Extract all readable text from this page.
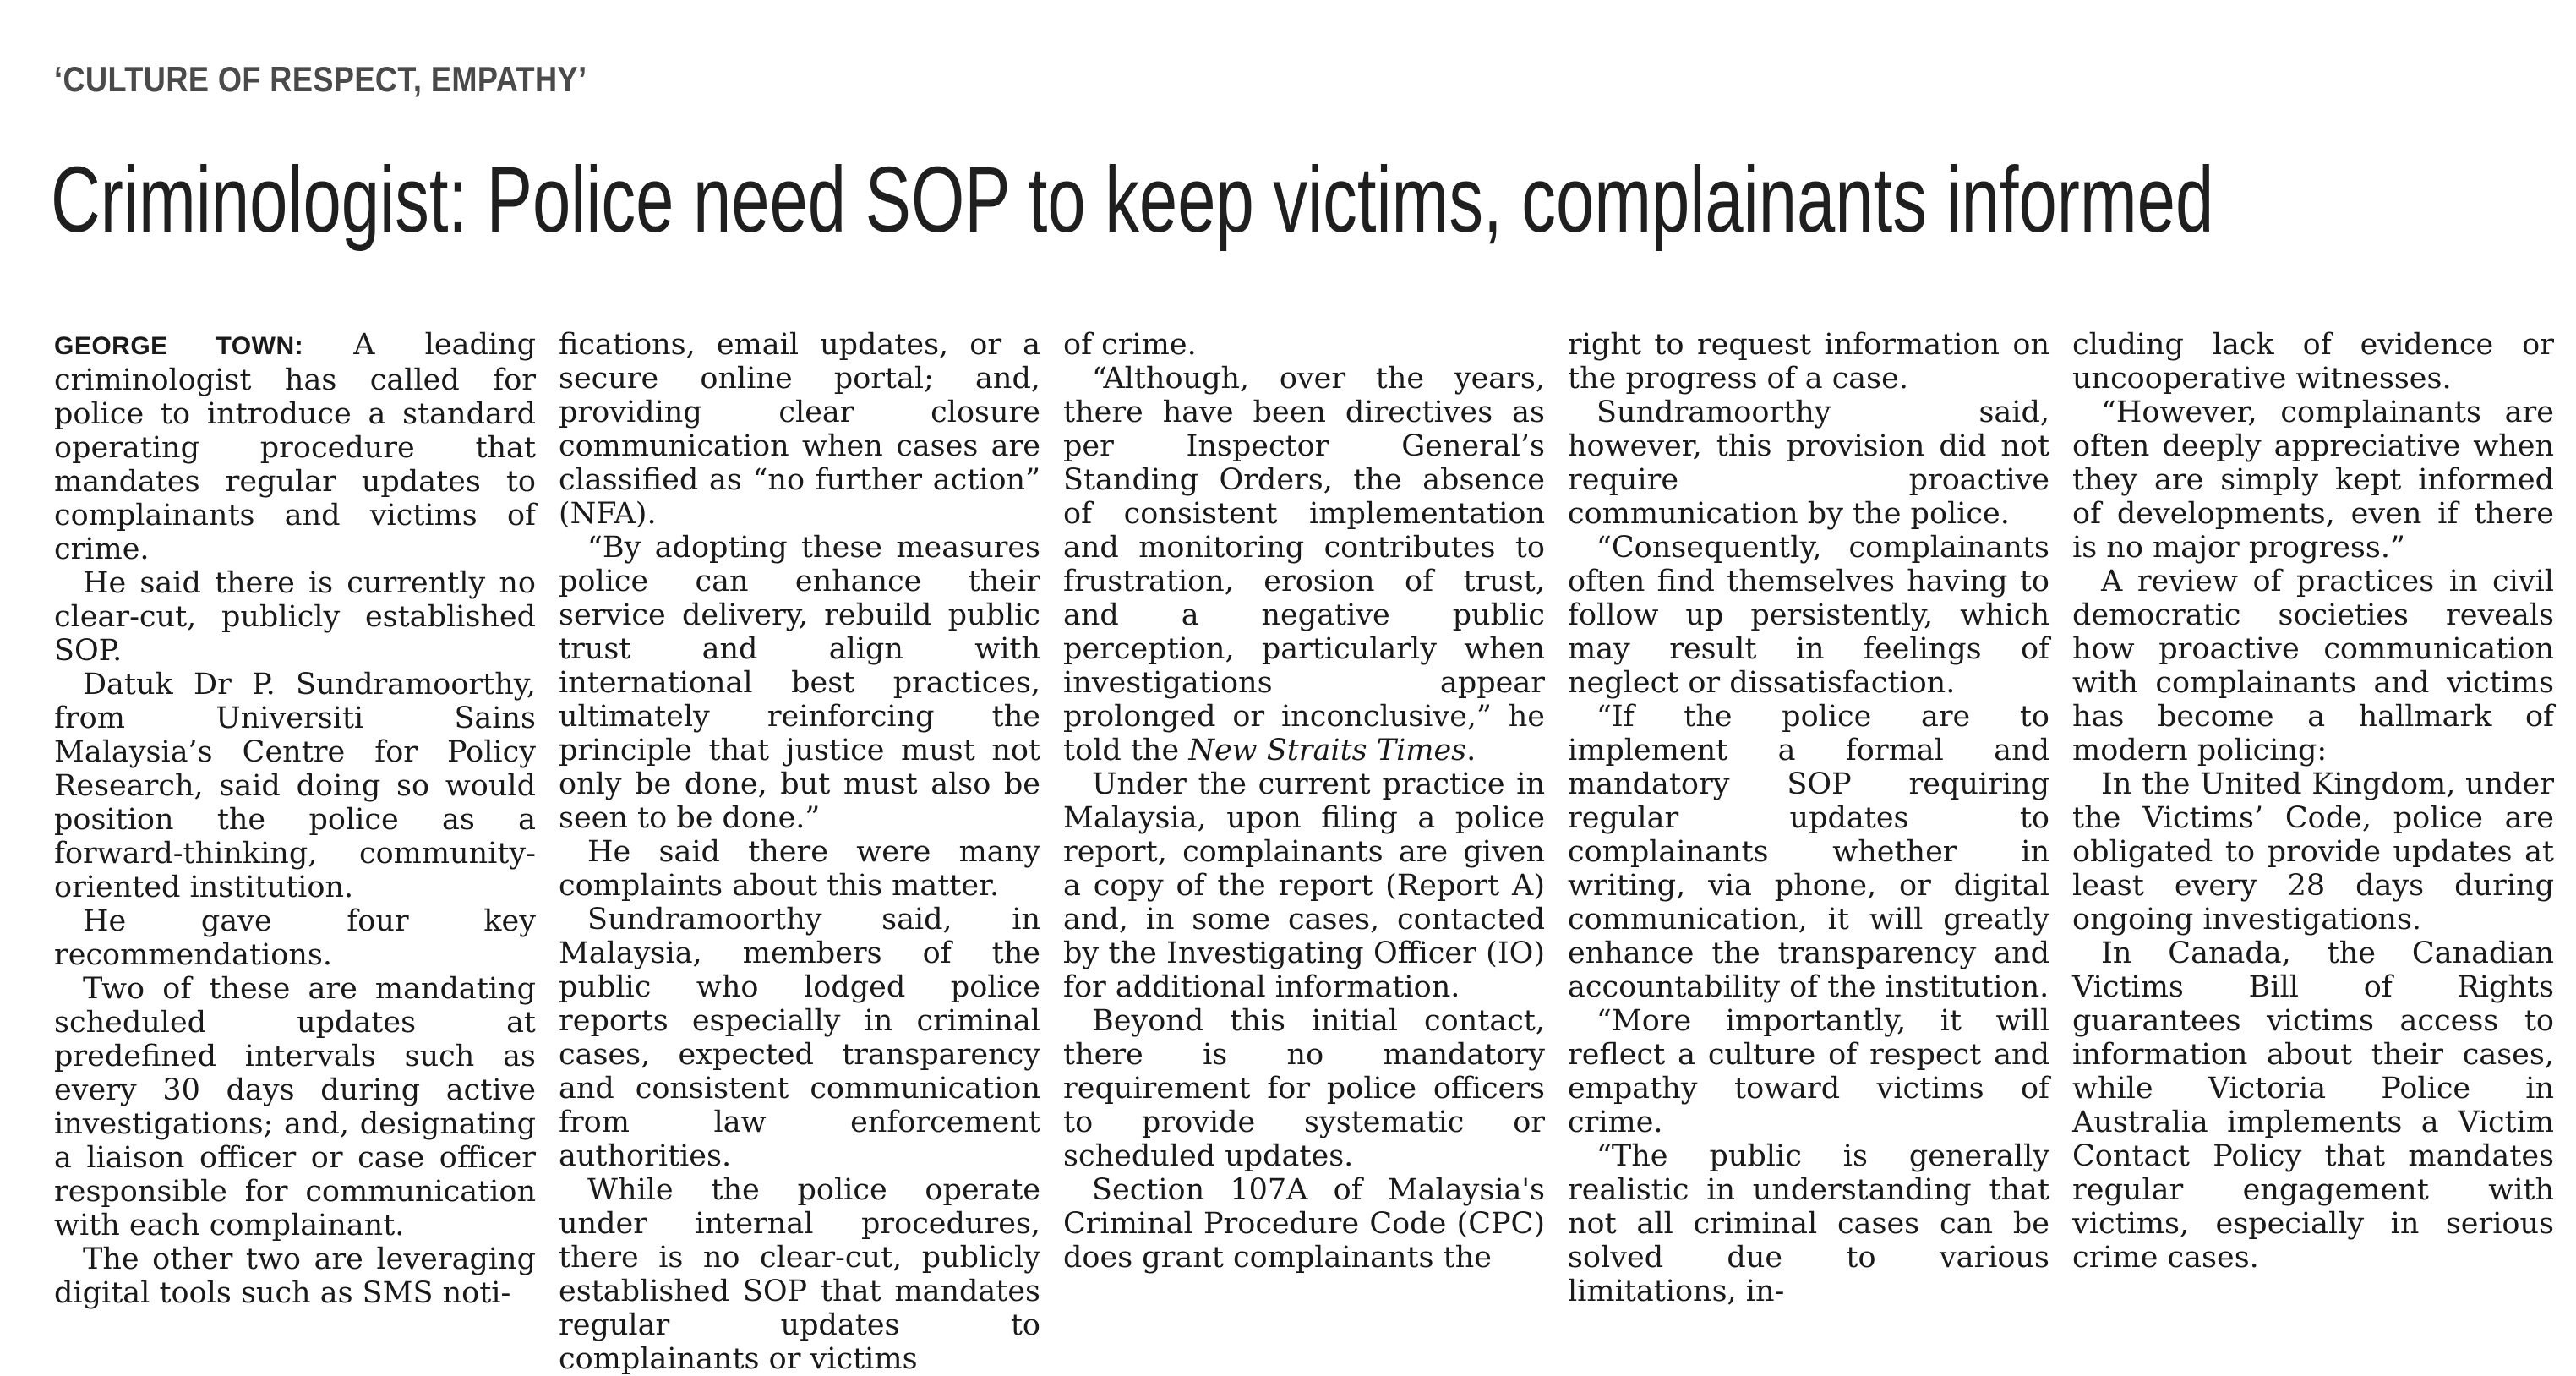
‘CULTURE OF RESPECT, EMPATHY’
Criminologist: Police need SOP to keep victims, complainants informed

GEORGE TOWN: A leading criminologist has called for police to introduce a standard operating procedure that mandates regular updates to complainants and victims of crime.

He said there is currently no clear-cut, publicly established SOP.

Datuk Dr P. Sundramoorthy, from Universiti Sains Malaysia’s Centre for Policy Research, said doing so would position the police as a forward-thinking, community-oriented institution.

He gave four key recommendations.

Two of these are mandating scheduled updates at predefined intervals such as every 30 days during active investigations; and, designating a liaison officer or case officer responsible for communication with each complainant.

The other two are leveraging digital tools such as SMS noti-

fications, email updates, or a secure online portal; and, providing clear closure communication when cases are classified as “no further action” (NFA).

“By adopting these measures police can enhance their service delivery, rebuild public trust and align with international best practices, ultimately reinforcing the principle that justice must not only be done, but must also be seen to be done.”

He said there were many complaints about this matter.

Sundramoorthy said, in Malaysia, members of the public who lodged police reports especially in criminal cases, expected transparency and consistent communication from law enforcement authorities.

While the police operate under internal procedures, there is no clear-cut, publicly established SOP that mandates regular updates to complainants or victims

of crime.

“Although, over the years, there have been directives as per Inspector General’s Standing Orders, the absence of consistent implementation and monitoring contributes to frustration, erosion of trust, and a negative public perception, particularly when investigations appear prolonged or inconclusive,” he told the New Straits Times.

Under the current practice in Malaysia, upon filing a police report, complainants are given a copy of the report (Report A) and, in some cases, contacted by the Investigating Officer (IO) for additional information.

Beyond this initial contact, there is no mandatory requirement for police officers to provide systematic or scheduled updates.

Section 107A of Malaysia's Criminal Procedure Code (CPC) does grant complainants the

right to request information on the progress of a case.

Sundramoorthy said, however, this provision did not require proactive communication by the police.

“Consequently, complainants often find themselves having to follow up persistently, which may result in feelings of neglect or dissatisfaction.

“If the police are to implement a formal and mandatory SOP requiring regular updates to complainants whether in writing, via phone, or digital communication, it will greatly enhance the transparency and accountability of the institution.

“More importantly, it will reflect a culture of respect and empathy toward victims of crime.

“The public is generally realistic in understanding that not all criminal cases can be solved due to various limitations, in-

cluding lack of evidence or uncooperative witnesses.

“However, complainants are often deeply appreciative when they are simply kept informed of developments, even if there is no major progress.”

A review of practices in civil democratic societies reveals how proactive communication with complainants and victims has become a hallmark of modern policing:

In the United Kingdom, under the Victims’ Code, police are obligated to provide updates at least every 28 days during ongoing investigations.

In Canada, the Canadian Victims Bill of Rights guarantees victims access to information about their cases, while Victoria Police in Australia implements a Victim Contact Policy that mandates regular engagement with victims, especially in serious crime cases.
